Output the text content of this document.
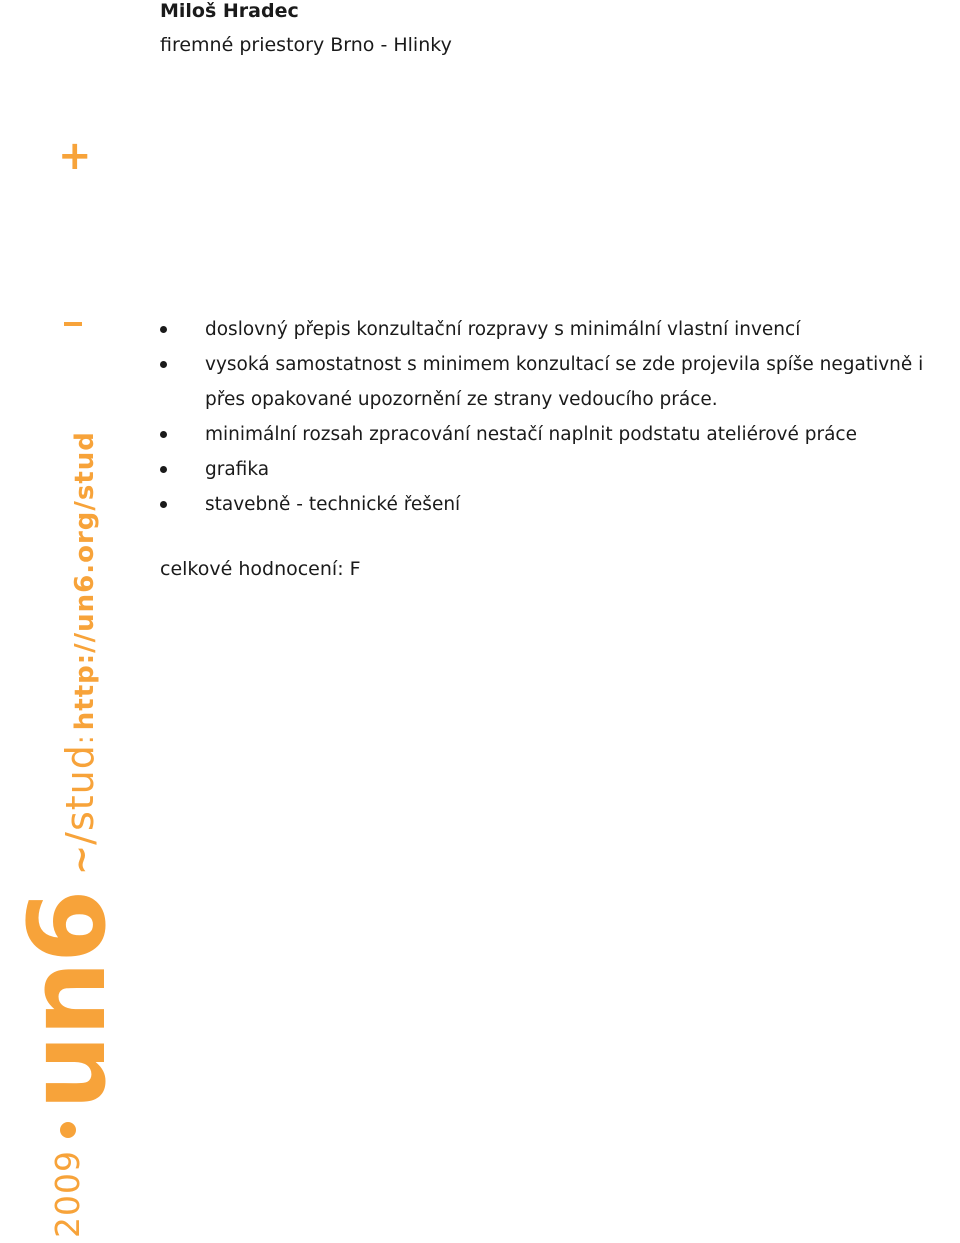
+
~/stud: http://un6.org/stud
2009un6

Miloš Hradec

firemné priestory Brno - Hlinky

doslovný přepis konzultační rozpravy s minimální vlastní invencí
vysoká samostatnost s minimem konzultací se zde projevila spíše negativně i přes opakované upozornění ze strany vedoucího práce.
minimální rozsah zpracování nestačí naplnit podstatu ateliérové práce
grafika
stavebně - technické řešení

celkové hodnocení: F
